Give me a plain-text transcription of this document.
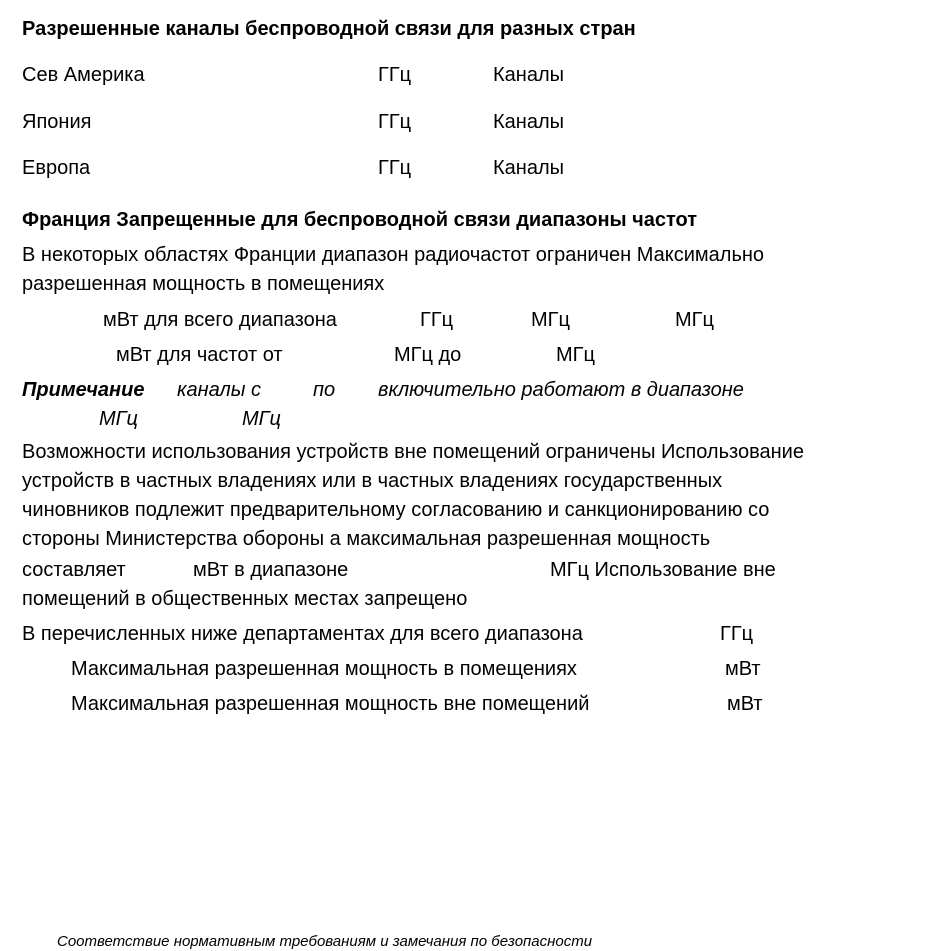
Разрешенные каналы беспроводной связи для разных стран
Сев Америка	ГГц	Каналы
Япония	ГГц	Каналы
Европа	ГГц	Каналы
Франция Запрещенные для беспроводной связи диапазоны частот
В некоторых областях Франции диапазон радиочастот ограничен Максимально
разрешенная мощность в помещениях
мВт для всего диапазона	ГГц	МГц	МГц
мВт для частот от	МГц до	МГц
Примечание каналы с	по включительно работают в диапазоне
МГц	МГц
Возможности использования устройств вне помещений ограничены Использование
устройств в частных владениях или в частных владениях государственных
чиновников подлежит предварительному согласованию и санкционированию со
стороны Министерства обороны а максимальная разрешенная мощность
составляет	мВт в диапазоне	МГц Использование вне
помещений в общественных местах запрещено
В перечисленных ниже департаментах для всего диапазона	ГГц
Максимальная разрешенная мощность в помещениях	мВт
Максимальная разрешенная мощность вне помещений	мВт
Соответствие нормативным требованиям и замечания по безопасности
